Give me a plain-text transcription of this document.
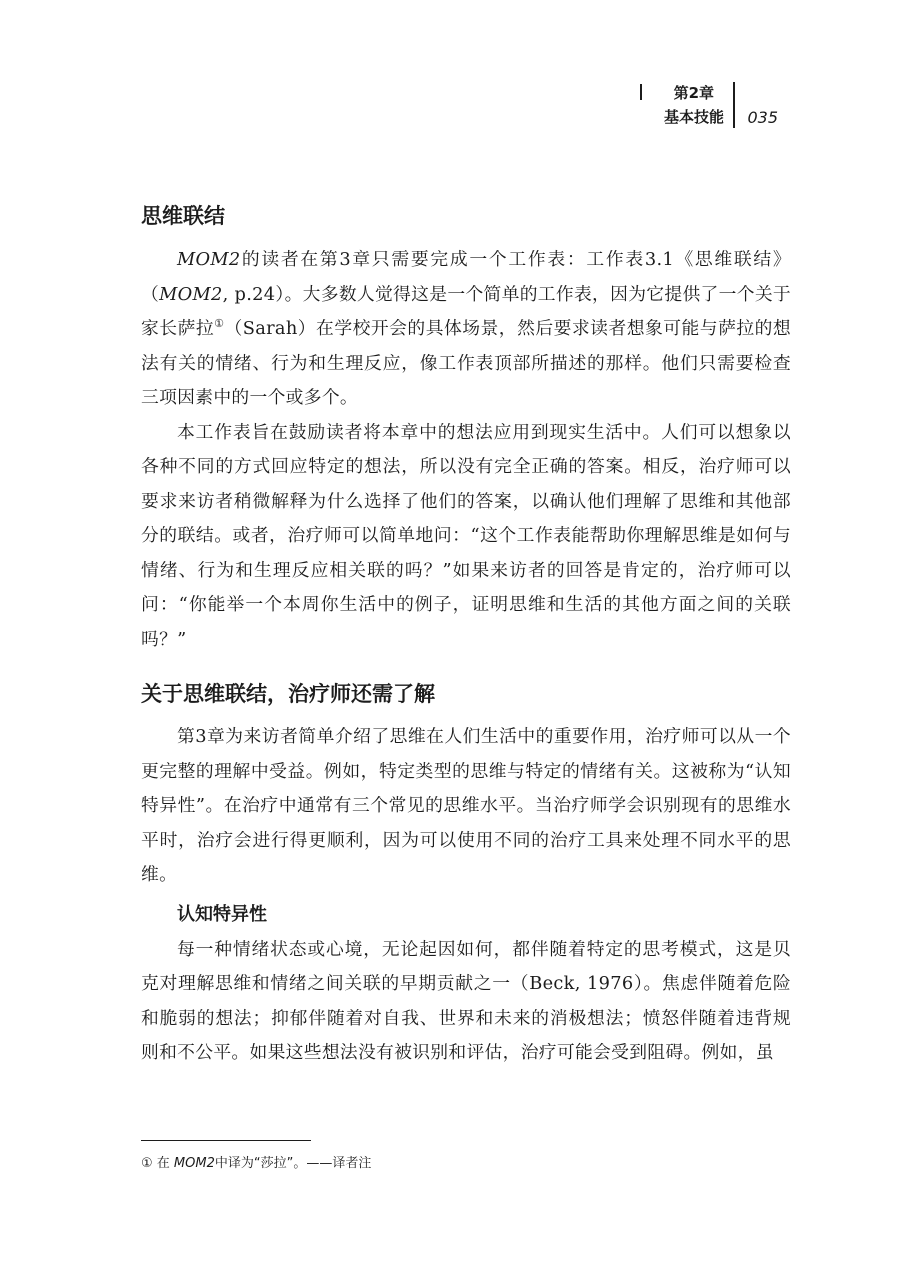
第2章
基本技能 035
思维联结

MOM2的读者在第3章只需要完成一个工作表：工作表3.1《思维联结》（MOM2, p.24）。大多数人觉得这是一个简单的工作表，因为它提供了一个关于家长萨拉①（Sarah）在学校开会的具体场景，然后要求读者想象可能与萨拉的想法有关的情绪、行为和生理反应，像工作表顶部所描述的那样。他们只需要检查三项因素中的一个或多个。

本工作表旨在鼓励读者将本章中的想法应用到现实生活中。人们可以想象以各种不同的方式回应特定的想法，所以没有完全正确的答案。相反，治疗师可以要求来访者稍微解释为什么选择了他们的答案，以确认他们理解了思维和其他部分的联结。或者，治疗师可以简单地问：“这个工作表能帮助你理解思维是如何与情绪、行为和生理反应相关联的吗？”如果来访者的回答是肯定的，治疗师可以问：“你能举一个本周你生活中的例子，证明思维和生活的其他方面之间的关联吗？”

关于思维联结，治疗师还需了解

第3章为来访者简单介绍了思维在人们生活中的重要作用，治疗师可以从一个更完整的理解中受益。例如，特定类型的思维与特定的情绪有关。这被称为“认知特异性”。在治疗中通常有三个常见的思维水平。当治疗师学会识别现有的思维水平时，治疗会进行得更顺利，因为可以使用不同的治疗工具来处理不同水平的思维。

认知特异性

每一种情绪状态或心境，无论起因如何，都伴随着特定的思考模式，这是贝克对理解思维和情绪之间关联的早期贡献之一（Beck, 1976）。焦虑伴随着危险和脆弱的想法；抑郁伴随着对自我、世界和未来的消极想法；愤怒伴随着违背规则和不公平。如果这些想法没有被识别和评估，治疗可能会受到阻碍。例如，虽

① 在 MOM2中译为“莎拉”。——译者注
